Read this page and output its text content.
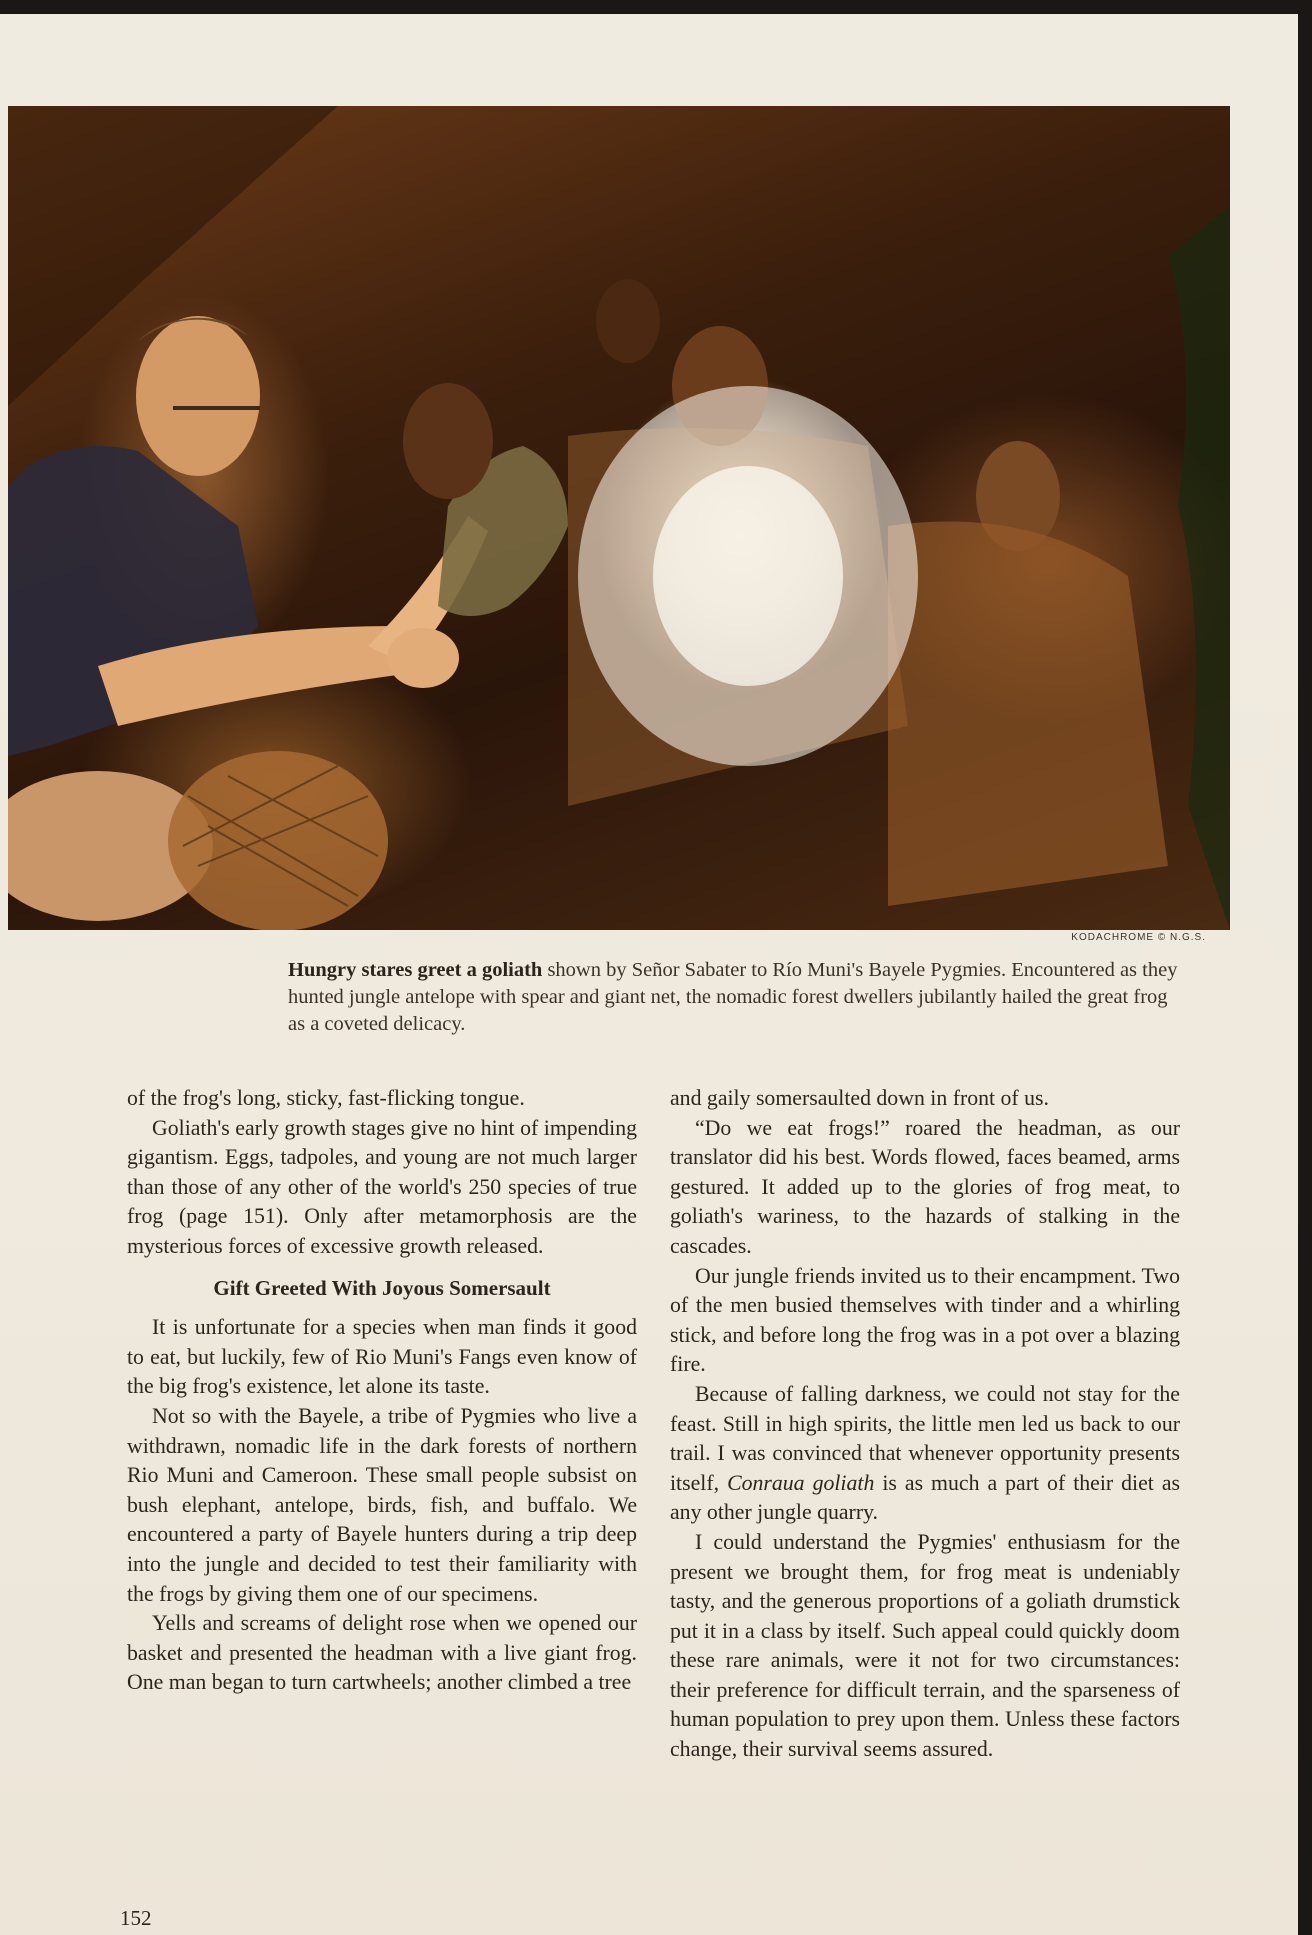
KODACHROME © N.G.S.
Hungry stares greet a goliath shown by Señor Sabater to Río Muni's Bayele Pygmies. Encountered as they hunted jungle antelope with spear and giant net, the nomadic forest dwellers jubilantly hailed the great frog as a coveted delicacy.

of the frog's long, sticky, fast-flicking tongue.

Goliath's early growth stages give no hint of impending gigantism. Eggs, tadpoles, and young are not much larger than those of any other of the world's 250 species of true frog (page 151). Only after metamorphosis are the mysterious forces of excessive growth released.

Gift Greeted With Joyous Somersault

It is unfortunate for a species when man finds it good to eat, but luckily, few of Rio Muni's Fangs even know of the big frog's existence, let alone its taste.

Not so with the Bayele, a tribe of Pygmies who live a withdrawn, nomadic life in the dark forests of northern Rio Muni and Cameroon. These small people subsist on bush elephant, antelope, birds, fish, and buffalo. We encountered a party of Bayele hunters during a trip deep into the jungle and decided to test their familiarity with the frogs by giving them one of our specimens.

Yells and screams of delight rose when we opened our basket and presented the headman with a live giant frog. One man began to turn cartwheels; another climbed a tree

and gaily somersaulted down in front of us.

“Do we eat frogs!” roared the headman, as our translator did his best. Words flowed, faces beamed, arms gestured. It added up to the glories of frog meat, to goliath's wariness, to the hazards of stalking in the cascades.

Our jungle friends invited us to their encampment. Two of the men busied themselves with tinder and a whirling stick, and before long the frog was in a pot over a blazing fire.

Because of falling darkness, we could not stay for the feast. Still in high spirits, the little men led us back to our trail. I was convinced that whenever opportunity presents itself, Conraua goliath is as much a part of their diet as any other jungle quarry.

I could understand the Pygmies' enthusiasm for the present we brought them, for frog meat is undeniably tasty, and the generous proportions of a goliath drumstick put it in a class by itself. Such appeal could quickly doom these rare animals, were it not for two circumstances: their preference for difficult terrain, and the sparseness of human population to prey upon them. Unless these factors change, their survival seems assured.

152
